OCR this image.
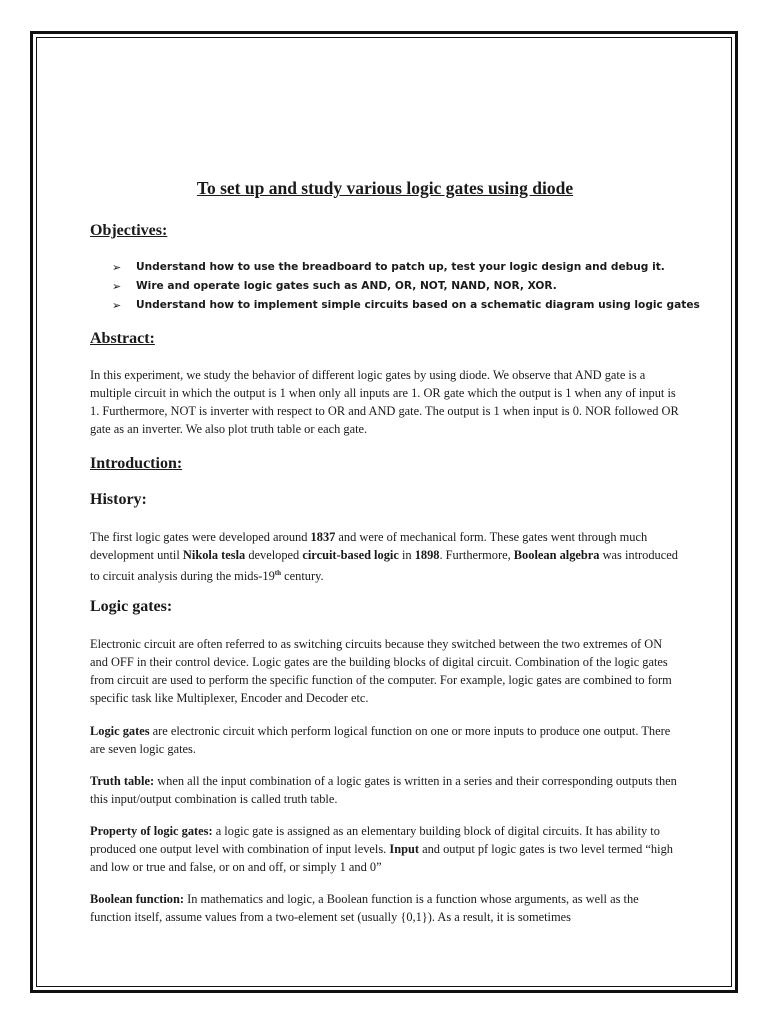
To set up and study various logic gates using diode
Objectives:
➢	Understand how to use the breadboard to patch up, test your logic design and debug it.
➢	Wire and operate logic gates such as AND, OR, NOT, NAND, NOR, XOR.
➢	Understand how to implement simple circuits based on a schematic diagram using logic gates
Abstract:

In this experiment, we study the behavior of different logic gates by using diode. We observe that AND gate is a multiple circuit in which the output is 1 when only all inputs are 1. OR gate which the output is 1 when any of input is 1. Furthermore, NOT is inverter with respect to OR and AND gate. The output is 1 when input is 0. NOR followed OR gate as an inverter. We also plot truth table or each gate.

Introduction:
History:

The first logic gates were developed around 1837 and were of mechanical form. These gates went through much development until Nikola tesla developed circuit-based logic in 1898. Furthermore, Boolean algebra was introduced to circuit analysis during the mids-19th century.

Logic gates:

Electronic circuit are often referred to as switching circuits because they switched between the two extremes of ON and OFF in their control device. Logic gates are the building blocks of digital circuit. Combination of the logic gates from circuit are used to perform the specific function of the computer. For example, logic gates are combined to form specific task like Multiplexer, Encoder and Decoder etc.

Logic gates are electronic circuit which perform logical function on one or more inputs to produce one output. There are seven logic gates.

Truth table: when all the input combination of a logic gates is written in a series and their corresponding outputs then this input/output combination is called truth table.

Property of logic gates: a logic gate is assigned as an elementary building block of digital circuits. It has ability to produced one output level with combination of input levels. Input and output pf logic gates is two level termed “high and low or true and false, or on and off, or simply 1 and 0”

Boolean function: In mathematics and logic, a Boolean function is a function whose arguments, as well as the function itself, assume values from a two-element set (usually {0,1}). As a result, it is sometimes
